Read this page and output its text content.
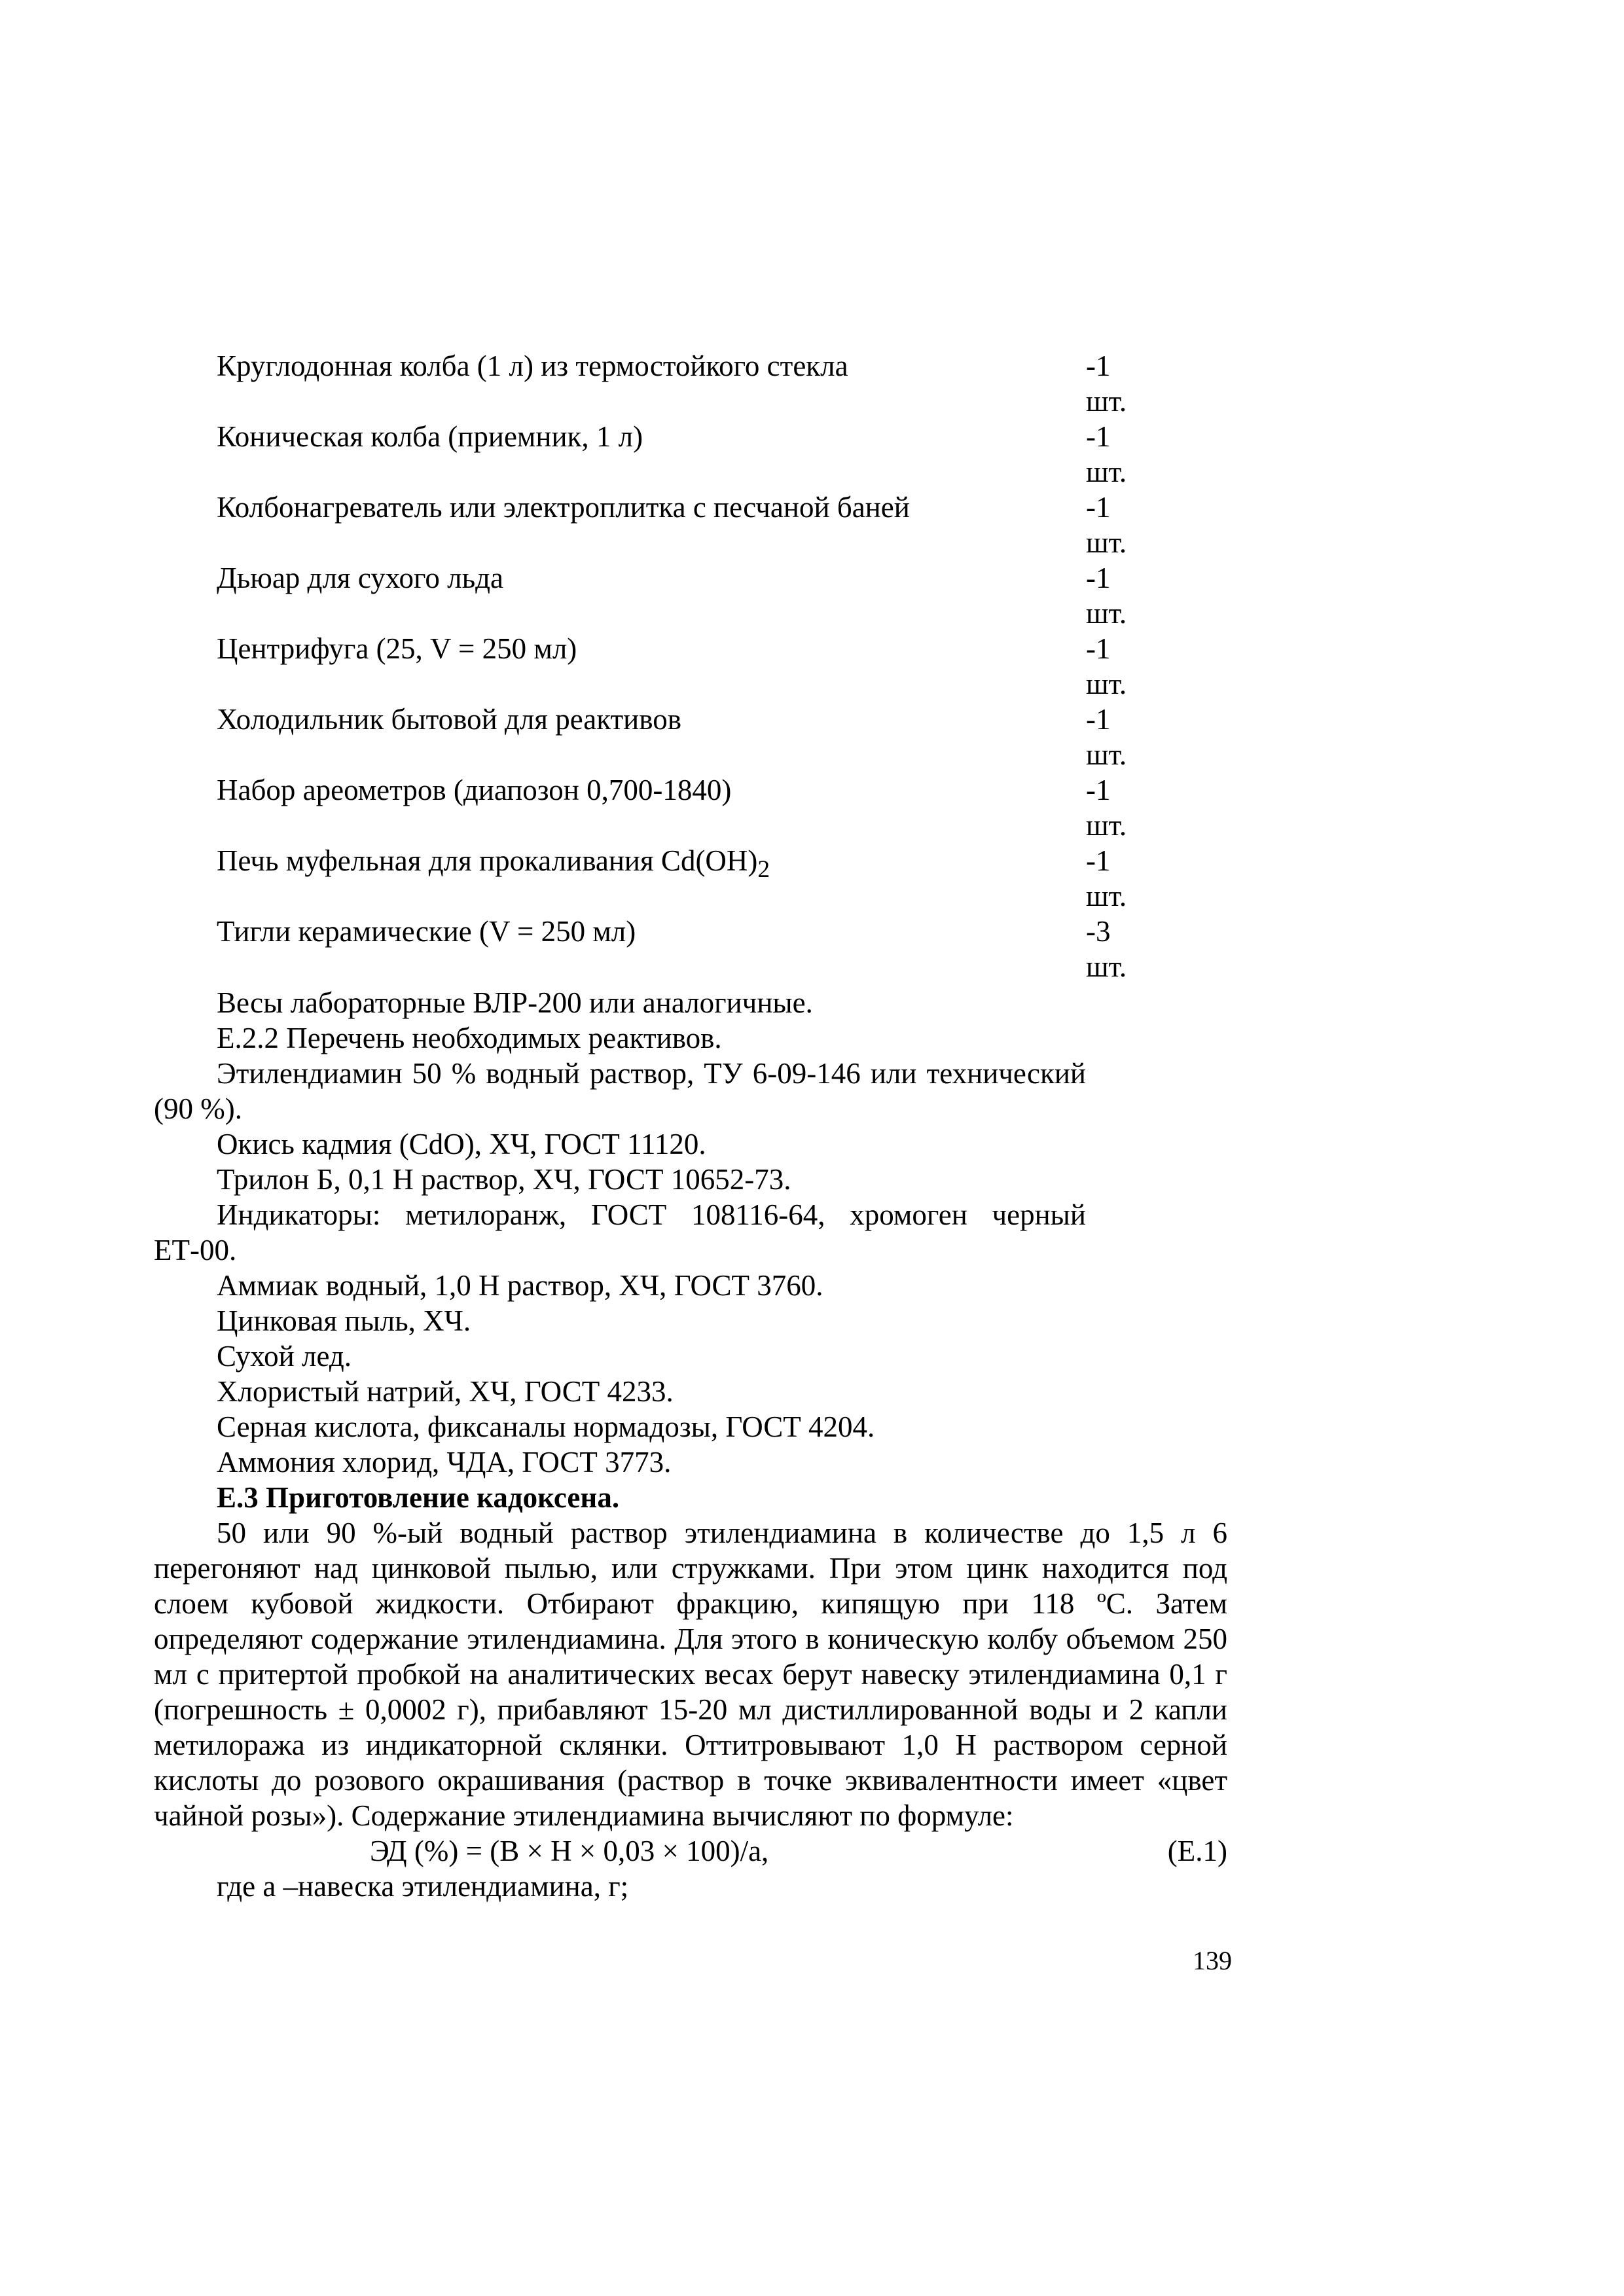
Круглодонная колба (1 л) из термостойкого стекла	-1
шт.
Коническая колба (приемник, 1 л)	-1
шт.
Колбонагреватель или электроплитка с песчаной баней	-1
шт.
Дьюар для сухого льда	-1
шт.
Центрифуга (25, V = 250 мл)	-1
шт.
Холодильник бытовой для реактивов	-1
шт.
Набор ареометров (диапозон 0,700-1840)	-1
шт.
Печь муфельная для прокаливания $Cd(OH)_2$	-1
шт.
Тигли керамические (V = 250 мл)	-3
шт.

Весы лабораторные ВЛР-200 или аналогичные.

Е.2.2 Перечень необходимых реактивов.

Этилендиамин 50 % водный раствор, ТУ 6-09-146 или технический (90 %).

Окись кадмия (CdO), ХЧ, ГОСТ 11120.

Трилон Б, 0,1 Н раствор, ХЧ, ГОСТ 10652-73.

Индикаторы: метилоранж, ГОСТ 108116-64, хромоген черный ЕТ-00.

Аммиак водный, 1,0 Н раствор, ХЧ, ГОСТ 3760.

Цинковая пыль, ХЧ.

Сухой лед.

Хлористый натрий, ХЧ, ГОСТ 4233.

Серная кислота, фиксаналы нормадозы, ГОСТ 4204.

Аммония хлорид, ЧДА, ГОСТ 3773.

Е.3 Приготовление кадоксена.

50 или 90 %-ый водный раствор этилендиамина в количестве до 1,5 л 6 перегоняют над цинковой пылью, или стружками. При этом цинк находится под слоем кубовой жидкости. Отбирают фракцию, кипящую при 118 ºС. Затем определяют содержание этилендиамина. Для этого в коническую колбу объемом 250 мл с притертой пробкой на аналитических весах берут навеску этилендиамина 0,1 г (погрешность ± 0,0002 г), прибавляют 15-20 мл дистиллированной воды и 2 капли метилоража из индикаторной склянки. Оттитровывают 1,0 Н раствором серной кислоты до розового окрашивания (раствор в точке эквивалентности имеет «цвет чайной розы»). Содержание этилендиамина вычисляют по формуле:

ЭД (%) = (В × Н × 0,03 × 100)/а,	(Е.1)

где а –навеска этилендиамина, г;

139
